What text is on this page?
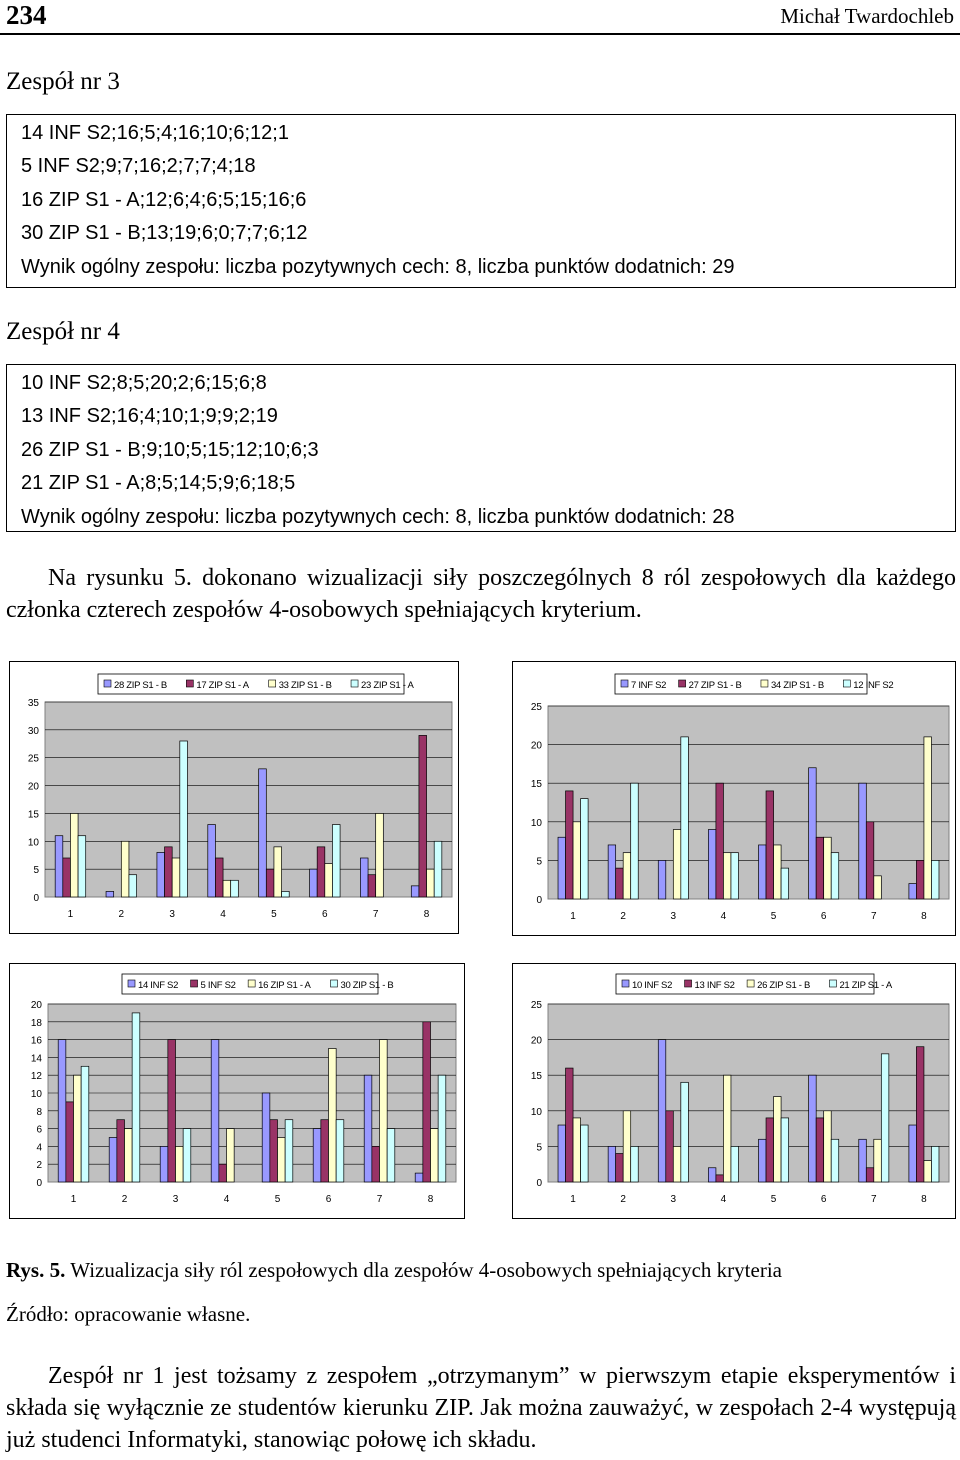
234	Michał Twardochleb
Zespół nr 3
14 INF S2;16;5;4;16;10;6;12;1
5 INF S2;9;7;16;2;7;7;4;18
16 ZIP S1 - A;12;6;4;6;5;15;16;6
30 ZIP S1 - B;13;19;6;0;7;7;6;12
Wynik ogólny zespołu: liczba pozytywnych cech: 8, liczba punktów dodatnich: 29
Zespół nr 4
10 INF S2;8;5;20;2;6;15;6;8
13 INF S2;16;4;10;1;9;9;2;19
26 ZIP S1 - B;9;10;5;15;12;10;6;3
21 ZIP S1 - A;8;5;14;5;9;6;18;5
Wynik ogólny zespołu: liczba pozytywnych cech: 8, liczba punktów dodatnich: 28
Na rysunku 5. dokonano wizualizacji siły poszczególnych 8 ról zespołowych dla każdego członka czterech zespołów 4-osobowych spełniających kryterium.
0
5
10
15
20
25
30
35
1	2	3	4	5	6	7	8
28 ZIP S1 - B	17 ZIP S1 - A	33 ZIP S1 - B	23 ZIP S1 - A
0
5
10
15
20
25
1	2	3	4	5	6	7	8
7 INF S2 27 ZIP S1 - B	34 ZIP S1 - B	12 INF S2
0
2
4
6
8
10
12
14
16
18
20
1	2	3	4	5	6	7	8
14 INF S2 5 INF S2 16 ZIP S1 - A	30 ZIP S1 - B
0
5
10
15
20
25
1	2	3	4	5	6	7	8
10 INF S2 13 INF S2 26 ZIP S1 - B	21 ZIP S1 - A
Rys. 5. Wizualizacja siły ról zespołowych dla zespołów 4-osobowych spełniających kryteria
Źródło: opracowanie własne.
Zespół nr 1 jest tożsamy z zespołem „otrzymanym” w pierwszym etapie eksperymentów i składa się wyłącznie ze studentów kierunku ZIP. Jak można zauważyć, w zespołach 2-4 występują już studenci Informatyki, stanowiąc połowę ich składu.
